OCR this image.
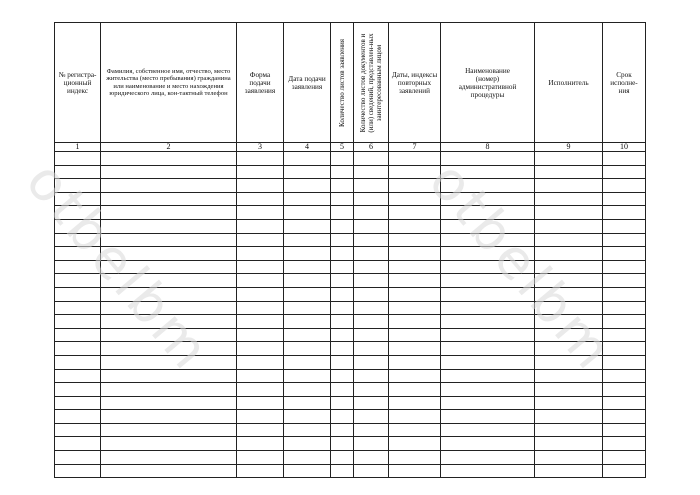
№ регистра-ционный индекс	Фамилия, собственное имя, отчество, место жительства (место пребывания) гражданина или наименование и место нахождения юридического лица, кон-тактный телефон	Форма подачи заявления	Дата подачи заявления	Количество листов заявления	Количество листов документов и (или) сведений, представлен-ных заинтересованным лицом	Даты, индексы повторных заявлений	Наименование (номер) административной процедуры	Исполнитель	Срок исполне-ния

1	2	3	4	5	6	7	8	9	10

otbelbm	otbelbm
